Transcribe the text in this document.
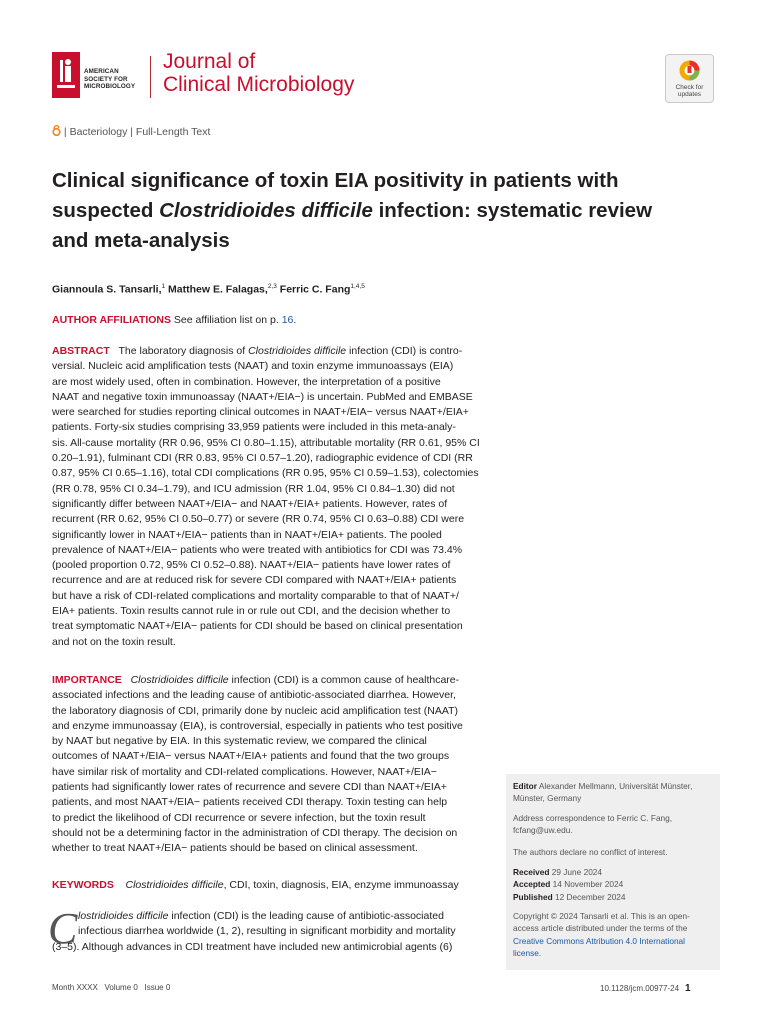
AMERICAN
SOCIETY FOR
MICROBIOLOGY
Journal of
Clinical Microbiology	Check for
updates
| Bacteriology | Full-Length Text
Clinical significance of toxin EIA positivity in patients with
suspected Clostridioides difficile infection: systematic review
and meta-analysis
Giannoula S. Tansarli,$^1$ Matthew E. Falagas,$^{2,3}$ Ferric C. Fang$^{1,4,5}$
AUTHOR AFFILIATIONS See affiliation list on p. 16.
ABSTRACT The laboratory diagnosis of Clostridioides difficile infection (CDI) is contro-
versial. Nucleic acid amplification tests (NAAT) and toxin enzyme immunoassays (EIA)
are most widely used, often in combination. However, the interpretation of a positive
NAAT and negative toxin immunoassay (NAAT+/EIA−) is uncertain. PubMed and EMBASE
were searched for studies reporting clinical outcomes in NAAT+/EIA− versus NAAT+/EIA+
patients. Forty-six studies comprising 33,959 patients were included in this meta-analy-
sis. All-cause mortality (RR 0.96, 95% CI 0.80–1.15), attributable mortality (RR 0.61, 95% CI
0.20–1.91), fulminant CDI (RR 0.83, 95% CI 0.57–1.20), radiographic evidence of CDI (RR
0.87, 95% CI 0.65–1.16), total CDI complications (RR 0.95, 95% CI 0.59–1.53), colectomies
(RR 0.78, 95% CI 0.34–1.79), and ICU admission (RR 1.04, 95% CI 0.84–1.30) did not
significantly differ between NAAT+/EIA− and NAAT+/EIA+ patients. However, rates of
recurrent (RR 0.62, 95% CI 0.50–0.77) or severe (RR 0.74, 95% CI 0.63–0.88) CDI were
significantly lower in NAAT+/EIA− patients than in NAAT+/EIA+ patients. The pooled
prevalence of NAAT+/EIA− patients who were treated with antibiotics for CDI was 73.4%
(pooled proportion 0.72, 95% CI 0.52–0.88). NAAT+/EIA− patients have lower rates of
recurrence and are at reduced risk for severe CDI compared with NAAT+/EIA+ patients
but have a risk of CDI-related complications and mortality comparable to that of NAAT+/
EIA+ patients. Toxin results cannot rule in or rule out CDI, and the decision whether to
treat symptomatic NAAT+/EIA− patients for CDI should be based on clinical presentation
and not on the toxin result.
IMPORTANCE Clostridioides difficile infection (CDI) is a common cause of healthcare-
associated infections and the leading cause of antibiotic-associated diarrhea. However,
the laboratory diagnosis of CDI, primarily done by nucleic acid amplification test (NAAT)
and enzyme immunoassay (EIA), is controversial, especially in patients who test positive
by NAAT but negative by EIA. In this systematic review, we compared the clinical
outcomes of NAAT+/EIA− versus NAAT+/EIA+ patients and found that the two groups
have similar risk of mortality and CDI-related complications. However, NAAT+/EIA−
patients had significantly lower rates of recurrence and severe CDI than NAAT+/EIA+
patients, and most NAAT+/EIA− patients received CDI therapy. Toxin testing can help
to predict the likelihood of CDI recurrence or severe infection, but the toxin result
should not be a determining factor in the administration of CDI therapy. The decision on
whether to treat NAAT+/EIA− patients should be based on clinical assessment.
KEYWORDS Clostridioides difficile, CDI, toxin, diagnosis, EIA, enzyme immunoassay
C lostridioides difficile infection (CDI) is the leading cause of antibiotic-associated
infectious diarrhea worldwide (1, 2), resulting in significant morbidity and mortality
(3–5). Although advances in CDI treatment have included new antimicrobial agents (6)
Editor Alexander Mellmann, Universität Münster,
Münster, Germany
Address correspondence to Ferric C. Fang,
fcfang@uw.edu.
The authors declare no conflict of interest.
Received 29 June 2024
Accepted 14 November 2024
Published 12 December 2024
Copyright © 2024 Tansarli et al. This is an open-
access article distributed under the terms of the
Creative Commons Attribution 4.0 International
license.
Month XXXX   Volume 0   Issue 0	10.1128/jcm.00977-24 1
